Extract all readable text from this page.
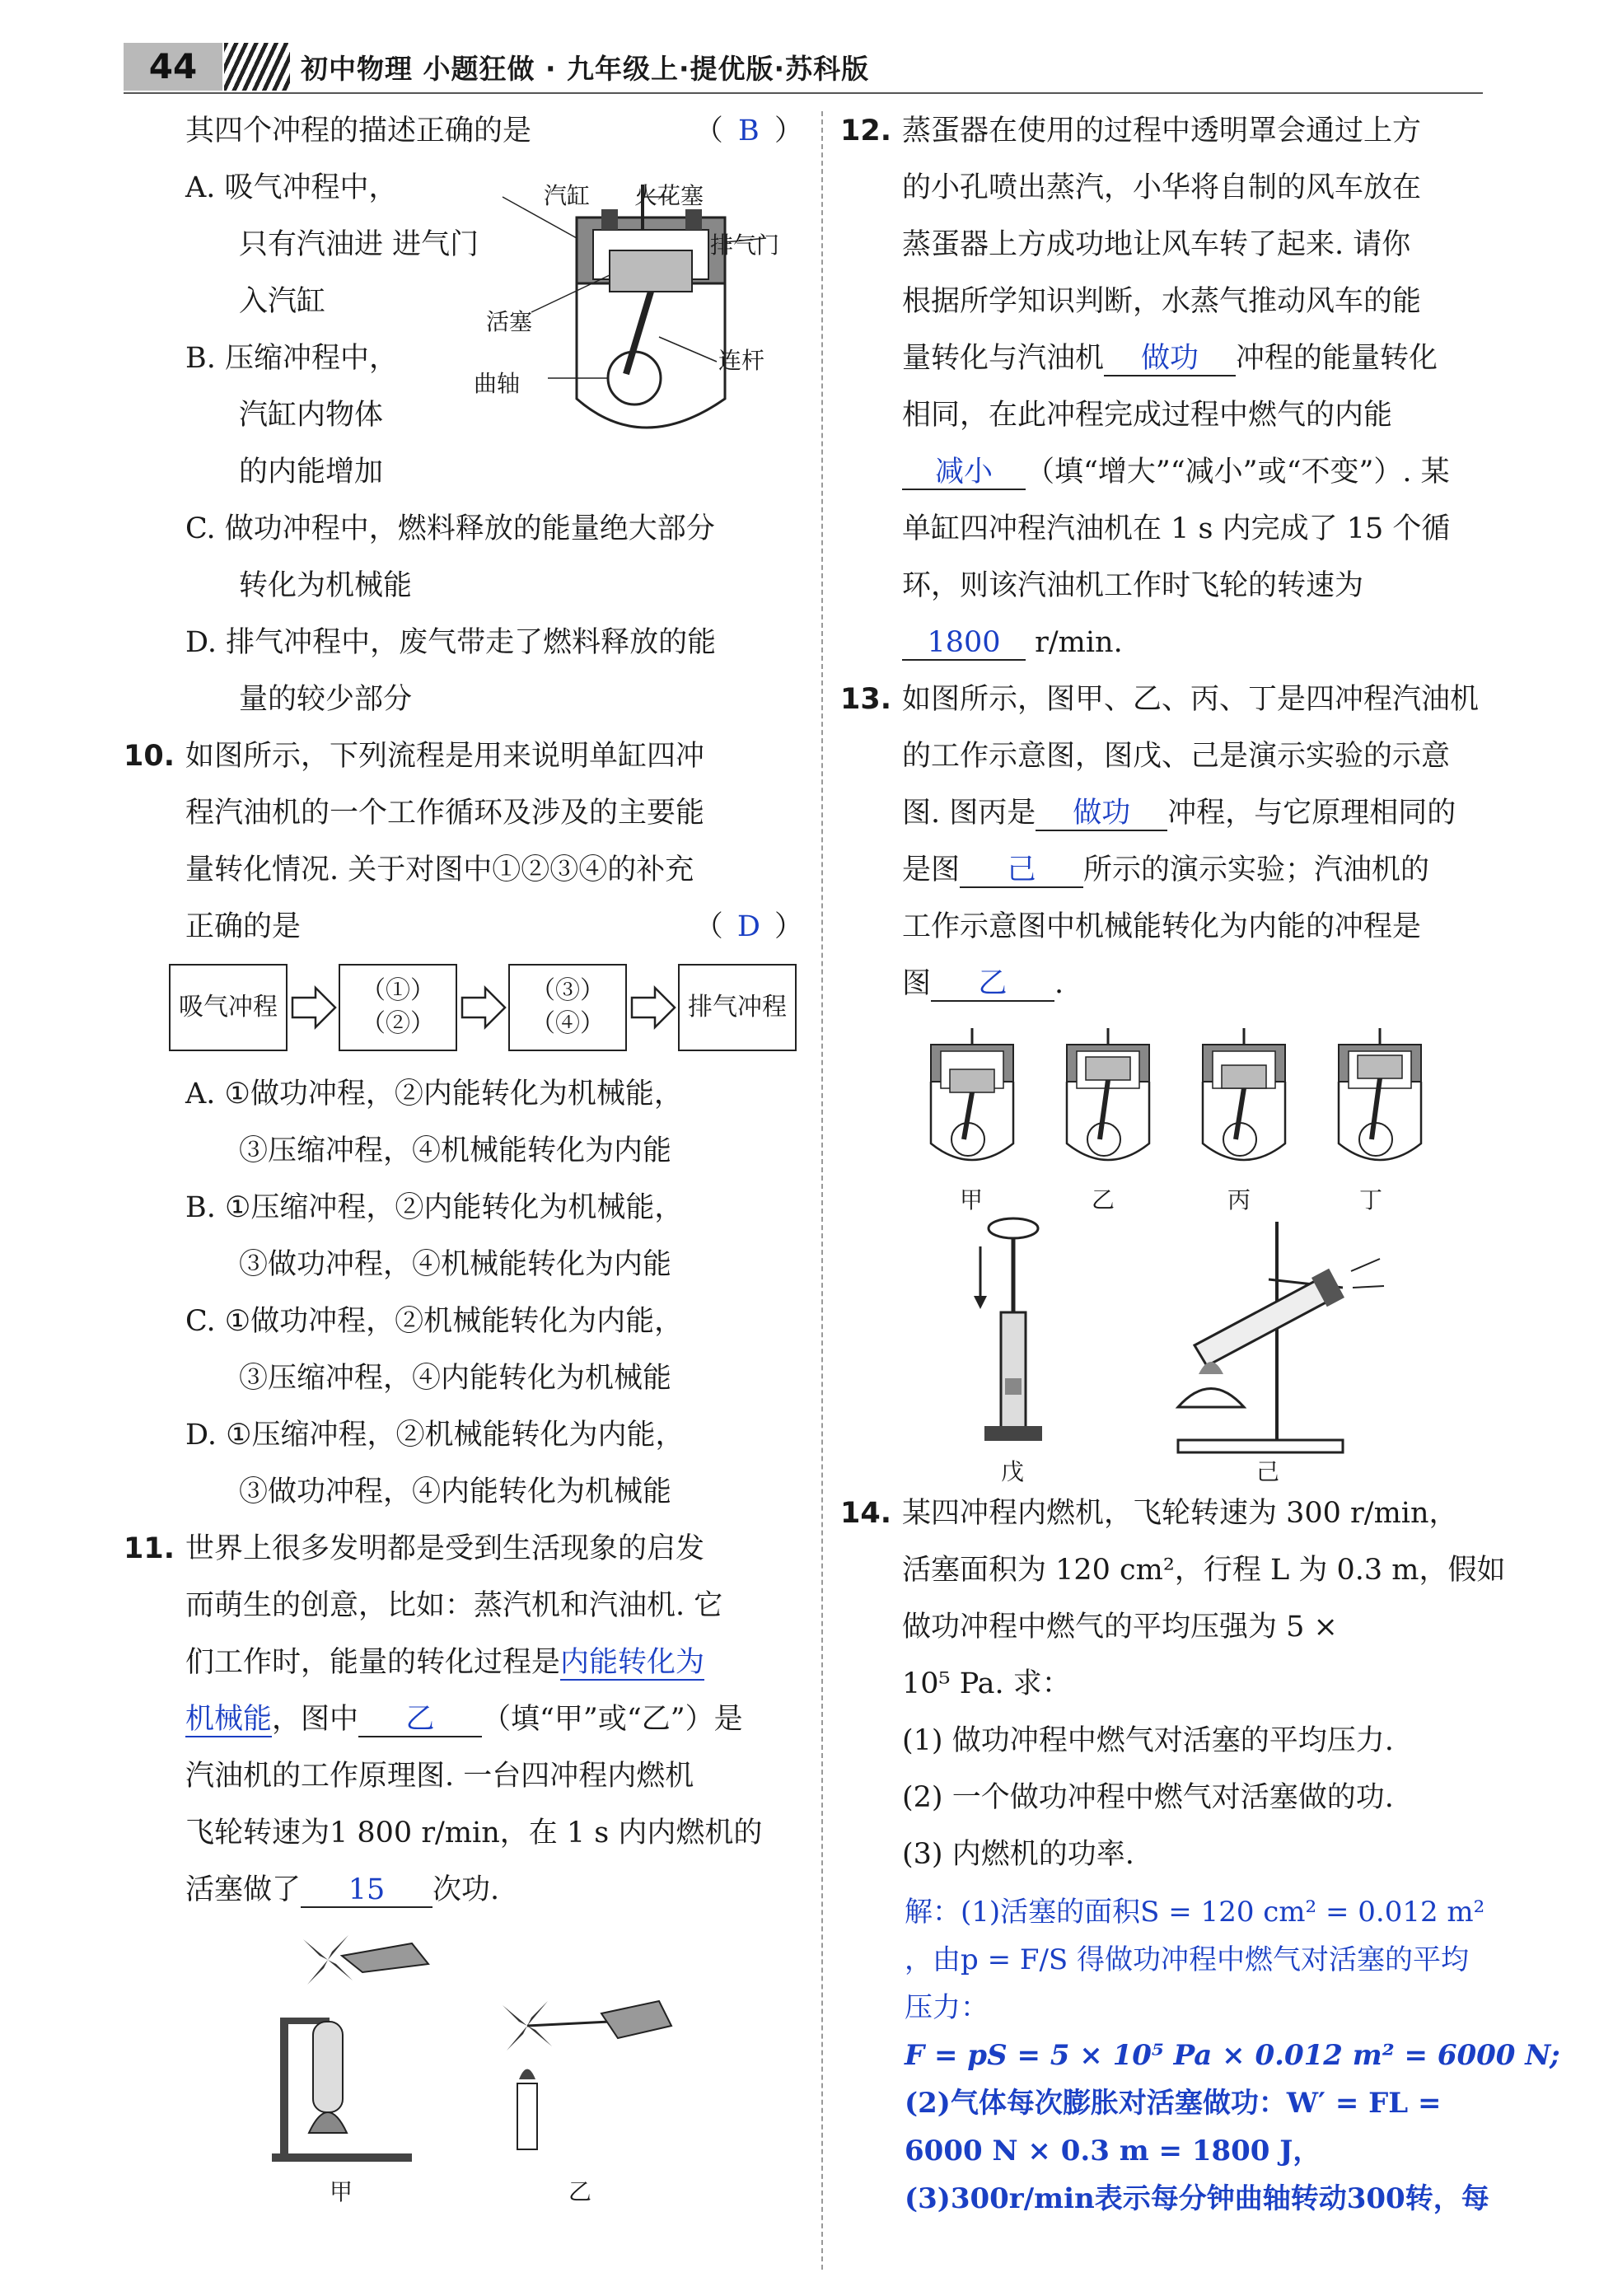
44	初中物理 小题狂做 · 九年级上·提优版·苏科版
其四个冲程的描述正确的是	（ B ）
A. 吸气冲程中，
只有汽油进 进气门
入汽缸
B. 压缩冲程中，
汽缸内物体
的内能增加
C. 做功冲程中，燃料释放的能量绝大部分
转化为机械能
D. 排气冲程中，废气带走了燃料释放的能
量的较少部分
汽缸 火花塞
排气门
活塞
连杆
曲轴
10. 如图所示，下列流程是用来说明单缸四冲
程汽油机的一个工作循环及涉及的主要能
量转化情况. 关于对图中①②③④的补充
正确的是	（ D ）
吸气冲程
（①）
（②）
（③）
（④）
排气冲程
A. ①做功冲程，②内能转化为机械能，
③压缩冲程，④机械能转化为内能
B. ①压缩冲程，②内能转化为机械能，
③做功冲程，④机械能转化为内能
C. ①做功冲程，②机械能转化为内能，
③压缩冲程，④内能转化为机械能
D. ①压缩冲程，②机械能转化为内能，
③做功冲程，④内能转化为机械能
11. 世界上很多发明都是受到生活现象的启发
而萌生的创意，比如：蒸汽机和汽油机. 它
们工作时，能量的转化过程是内能转化为
机械能，图中 乙 （填“甲”或“乙”）是
汽油机的工作原理图. 一台四冲程内燃机
飞轮转速为1 800 r/min，在 1 s 内内燃机的
活塞做了 15 次功.
甲	乙
12. 蒸蛋器在使用的过程中透明罩会通过上方
的小孔喷出蒸汽，小华将自制的风车放在
蒸蛋器上方成功地让风车转了起来. 请你
根据所学知识判断，水蒸气推动风车的能
量转化与汽油机 做功 冲程的能量转化
相同，在此冲程完成过程中燃气的内能
减小 （填“增大”“减小”或“不变”）. 某
单缸四冲程汽油机在 1 s 内完成了 15 个循
环，则该汽油机工作时飞轮的转速为
1800 r/min.
13. 如图所示，图甲、乙、丙、丁是四冲程汽油机
的工作示意图，图戊、己是演示实验的示意
图. 图丙是 做功 冲程，与它原理相同的
是图 己 所示的演示实验；汽油机的
工作示意图中机械能转化为内能的冲程是
图 乙 .
甲	乙	丙	丁
戊	己
14. 某四冲程内燃机，飞轮转速为 300 r/min，
活塞面积为 120 cm²，行程 L 为 0.3 m，假如
做功冲程中燃气的平均压强为 5 ×
10⁵ Pa. 求：
(1) 做功冲程中燃气对活塞的平均压力.
(2) 一个做功冲程中燃气对活塞做的功.
(3) 内燃机的功率.
解：(1)活塞的面积S = 120 cm² = 0.012 m²
，由p = F/S 得做功冲程中燃气对活塞的平均
压力：
F = pS = 5 × 10⁵ Pa × 0.012 m² = 6000 N;
(2)气体每次膨胀对活塞做功：W′ = FL =
6000 N × 0.3 m = 1800 J，
(3)300r/min表示每分钟曲轴转动300转，每
